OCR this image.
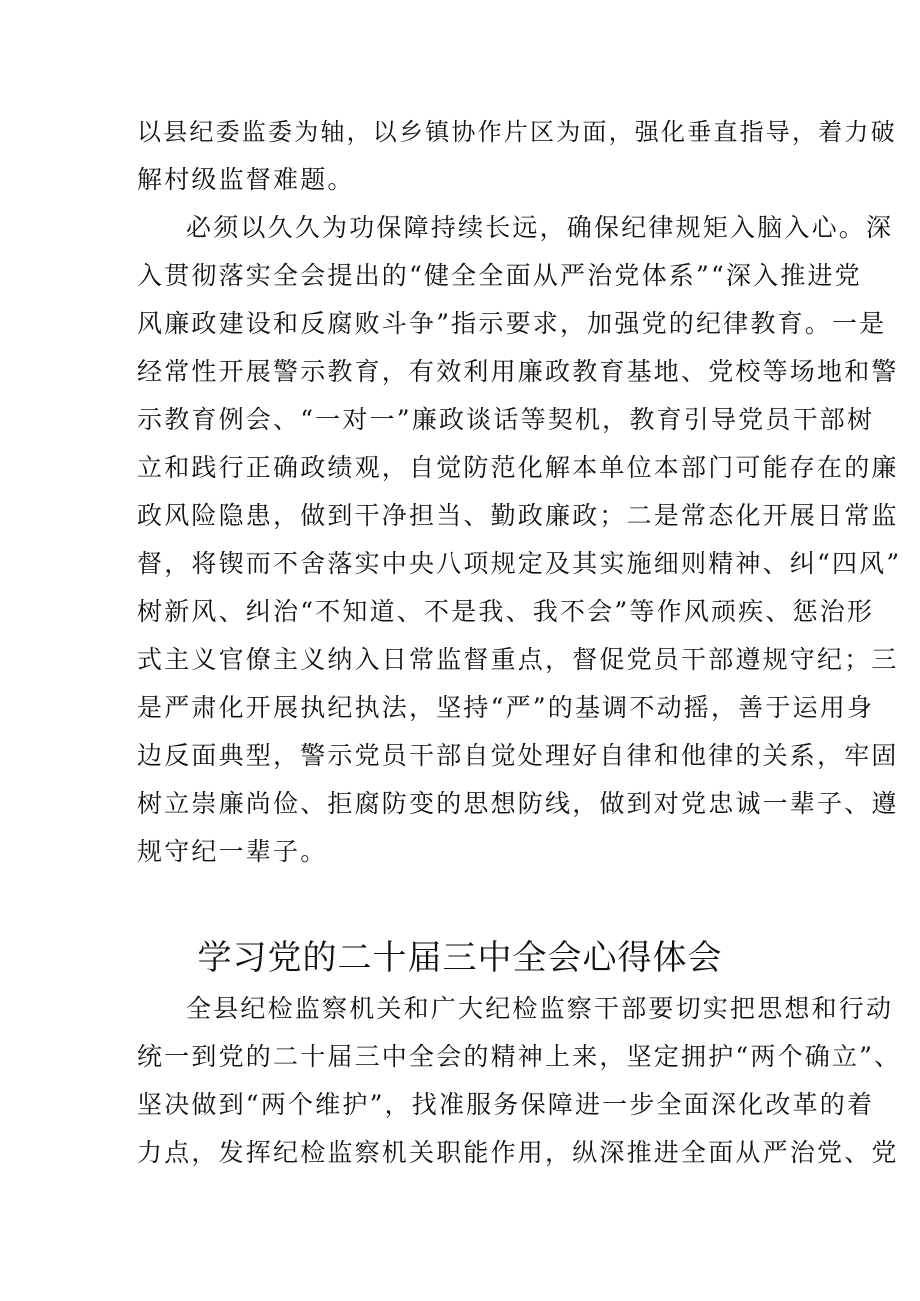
以县纪委监委为轴，以乡镇协作片区为面，强化垂直指导，着力破
解村级监督难题。
必须以久久为功保障持续长远，确保纪律规矩入脑入心。深
入贯彻落实全会提出的“健全全面从严治党体系”“深入推进党
风廉政建设和反腐败斗争”指示要求，加强党的纪律教育。一是
经常性开展警示教育，有效利用廉政教育基地、党校等场地和警
示教育例会、“一对一”廉政谈话等契机，教育引导党员干部树
立和践行正确政绩观，自觉防范化解本单位本部门可能存在的廉
政风险隐患，做到干净担当、勤政廉政；二是常态化开展日常监
督，将锲而不舍落实中央八项规定及其实施细则精神、纠“四风”
树新风、纠治“不知道、不是我、我不会”等作风顽疾、惩治形
式主义官僚主义纳入日常监督重点，督促党员干部遵规守纪；三
是严肃化开展执纪执法，坚持“严”的基调不动摇，善于运用身
边反面典型，警示党员干部自觉处理好自律和他律的关系，牢固
树立崇廉尚俭、拒腐防变的思想防线，做到对党忠诚一辈子、遵
规守纪一辈子。
学习党的二十届三中全会心得体会
全县纪检监察机关和广大纪检监察干部要切实把思想和行动
统一到党的二十届三中全会的精神上来，坚定拥护“两个确立”、
坚决做到“两个维护”，找准服务保障进一步全面深化改革的着
力点，发挥纪检监察机关职能作用，纵深推进全面从严治党、党
